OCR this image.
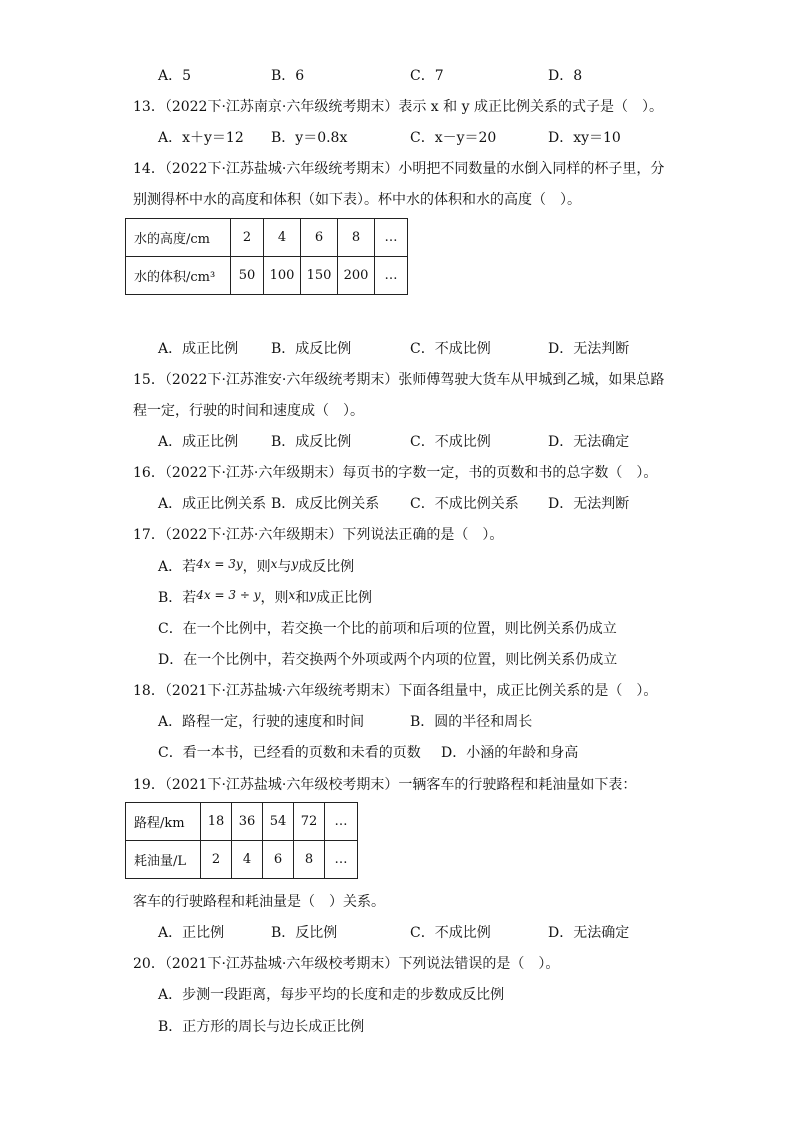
A．5	B．6	C．7	D．8
13．（2022下·江苏南京·六年级统考期末）表示 x 和 y 成正比例关系的式子是（　）。
A．x＋y＝12 B．y＝0.8x	C．x－y＝20	D．xy＝10
14．（2022下·江苏盐城·六年级统考期末）小明把不同数量的水倒入同样的杯子里，分
别测得杯中水的高度和体积（如下表）。杯中水的体积和水的高度（　）。
水的高度/cm	2	4	6	8	…
水的体积/cm³	50	100	150	200	…
A．成正比例 B．成反比例	C．不成比例	D．无法判断
15．（2022下·江苏淮安·六年级统考期末）张师傅驾驶大货车从甲城到乙城，如果总路
程一定，行驶的时间和速度成（　）。
A．成正比例 B．成反比例	C．不成比例	D．无法确定
16．（2022下·江苏·六年级期末）每页书的字数一定，书的页数和书的总字数（　）。
A．成正比例关系 B．成反比例关系 C．不成比例关系 D．无法判断
17．（2022下·江苏·六年级期末）下列说法正确的是（　）。
A．若4x = 3y，则x与y成反比例
B．若4x = 3 ÷ y，则x和y成正比例
C．在一个比例中，若交换一个比的前项和后项的位置，则比例关系仍成立
D．在一个比例中，若交换两个外项或两个内项的位置，则比例关系仍成立
18．（2021下·江苏盐城·六年级统考期末）下面各组量中，成正比例关系的是（　）。
A．路程一定，行驶的速度和时间	B．圆的半径和周长
C．看一本书，已经看的页数和未看的页数 D．小涵的年龄和身高
19．（2021下·江苏盐城·六年级校考期末）一辆客车的行驶路程和耗油量如下表：
路程/km	18	36	54	72	…
耗油量/L	2	4	6	8	…
客车的行驶路程和耗油量是（　）关系。
A．正比例	B．反比例	C．不成比例	D．无法确定
20．（2021下·江苏盐城·六年级校考期末）下列说法错误的是（　）。
A．步测一段距离，每步平均的长度和走的步数成反比例
B．正方形的周长与边长成正比例
